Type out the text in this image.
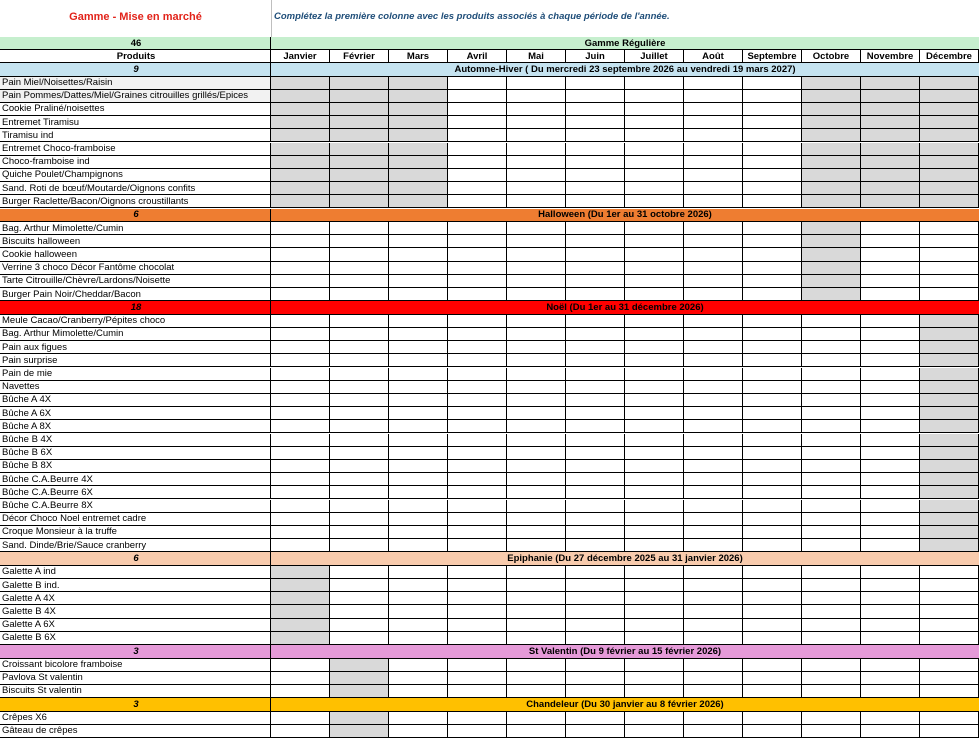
Gamme - Mise en marché	Complétez la première colonne avec les produits associés à chaque période de l'année.
46	Gamme Régulière
Produits	Janvier	Février	Mars	Avril	Mai	Juin	Juillet	Août	Septembre	Octobre	Novembre	Décembre
9	Automne-Hiver ( Du mercredi 23 septembre 2026 au vendredi 19 mars 2027)
Pain Miel/Noisettes/Raisin
Pain Pommes/Dattes/Miel/Graines citrouilles grillés/Epices
Cookie Praliné/noisettes
Entremet Tiramisu
Tiramisu ind
Entremet Choco-framboise
Choco-framboise ind
Quiche Poulet/Champignons
Sand. Roti de bœuf/Moutarde/Oignons confits
Burger Raclette/Bacon/Oignons croustillants
6	Halloween (Du 1er au 31 octobre 2026)
Bag. Arthur Mimolette/Cumin
Biscuits halloween
Cookie halloween
Verrine 3 choco Décor Fantôme chocolat
Tarte Citrouille/Chèvre/Lardons/Noisette
Burger Pain Noir/Cheddar/Bacon
18	Noël (Du 1er au 31 décembre 2026)
Meule Cacao/Cranberry/Pépites choco
Bag. Arthur Mimolette/Cumin
Pain aux figues
Pain surprise
Pain de mie
Navettes
Bûche A 4X
Bûche A 6X
Bûche A 8X
Bûche B 4X
Bûche B 6X
Bûche B 8X
Bûche C.A.Beurre 4X
Bûche C.A.Beurre 6X
Bûche C.A.Beurre 8X
Décor Choco Noel entremet cadre
Croque Monsieur à la truffe
Sand. Dinde/Brie/Sauce cranberry
6	Epiphanie (Du 27 décembre 2025 au 31 janvier 2026)
Galette A ind
Galette B ind.
Galette A 4X
Galette B 4X
Galette A 6X
Galette B 6X
3	St Valentin (Du 9 février au 15 février 2026)
Croissant bicolore framboise
Pavlova St valentin
Biscuits St valentin
3	Chandeleur (Du 30 janvier au 8 février 2026)
Crêpes X6
Gâteau de crêpes
